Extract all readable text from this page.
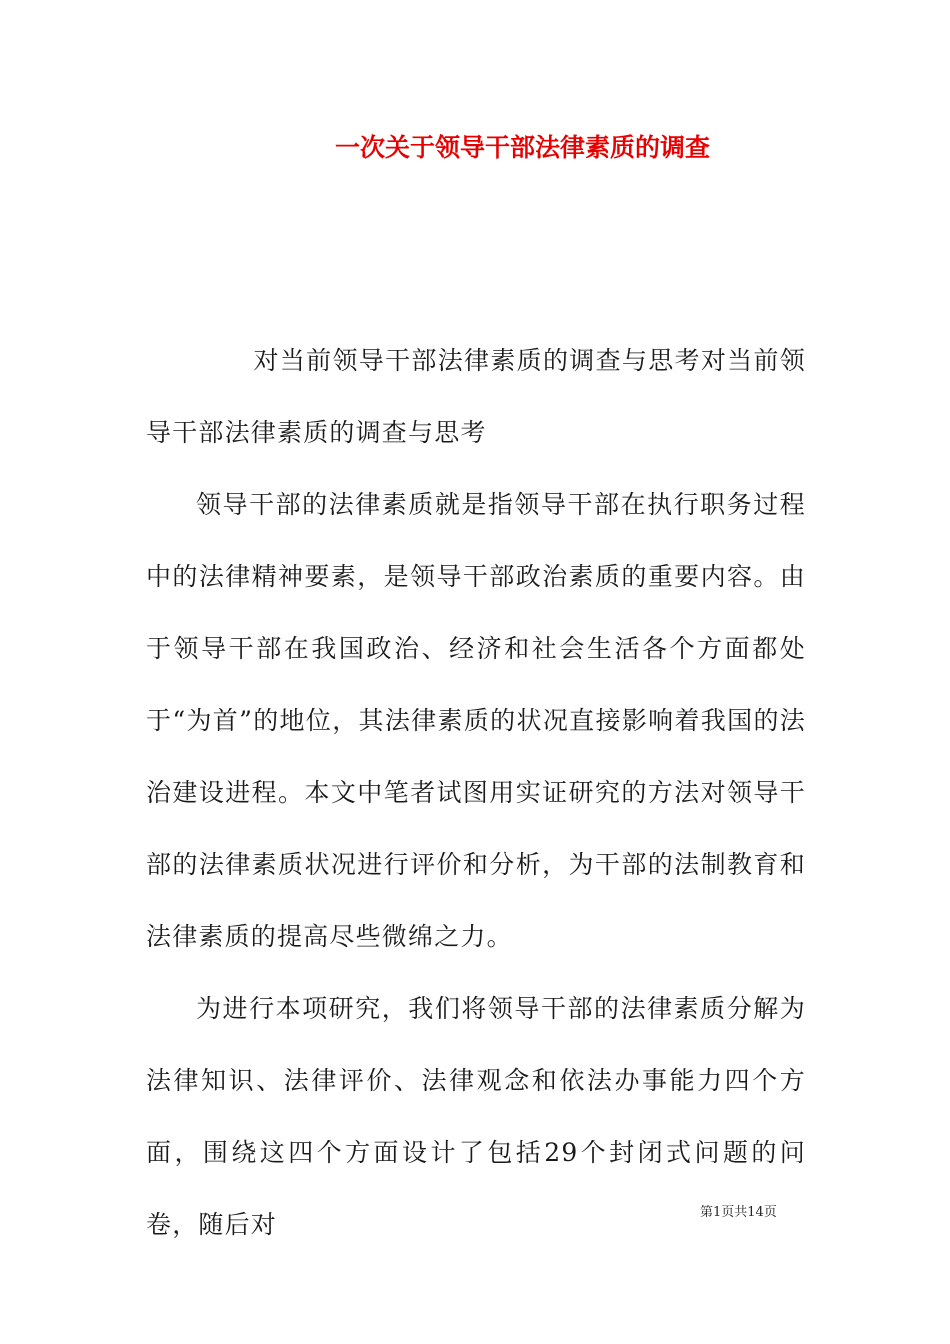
一次关于领导干部法律素质的调查

对当前领导干部法律素质的调查与思考对当前领导干部法律素质的调查与思考

领导干部的法律素质就是指领导干部在执行职务过程中的法律精神要素，是领导干部政治素质的重要内容。由于领导干部在我国政治、经济和社会生活各个方面都处于“为首”的地位，其法律素质的状况直接影响着我国的法治建设进程。本文中笔者试图用实证研究的方法对领导干部的法律素质状况进行评价和分析，为干部的法制教育和法律素质的提高尽些微绵之力。

为进行本项研究，我们将领导干部的法律素质分解为法律知识、法律评价、法律观念和依法办事能力四个方面，围绕这四个方面设计了包括29个封闭式问题的问卷，随后对	第1页共14页
